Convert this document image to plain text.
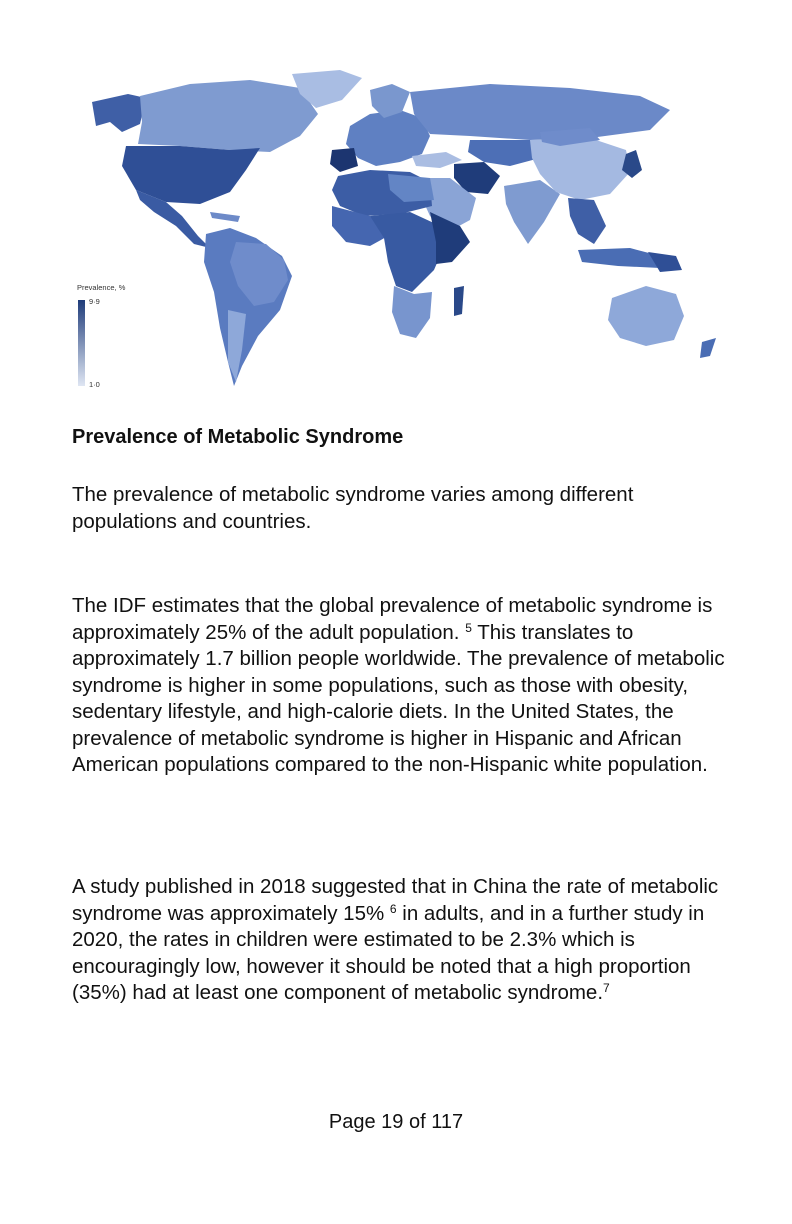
Prevalence, %
9·9
1·0
Prevalence of Metabolic Syndrome

The prevalence of metabolic syndrome varies among different populations and countries.

The IDF estimates that the global prevalence of metabolic syndrome is approximately 25% of the adult population. $^5$ This translates to approximately 1.7 billion people worldwide. The prevalence of metabolic syndrome is higher in some populations, such as those with obesity, sedentary lifestyle, and high-calorie diets. In the United States, the prevalence of metabolic syndrome is higher in Hispanic and African American populations compared to the non-Hispanic white population.

A study published in 2018 suggested that in China the rate of metabolic syndrome was approximately 15% $^6$ in adults, and in a further study in 2020, the rates in children were estimated to be 2.3% which is encouragingly low, however it should be noted that a high proportion (35%) had at least one component of metabolic syndrome.$^7$

Page 19 of 117
